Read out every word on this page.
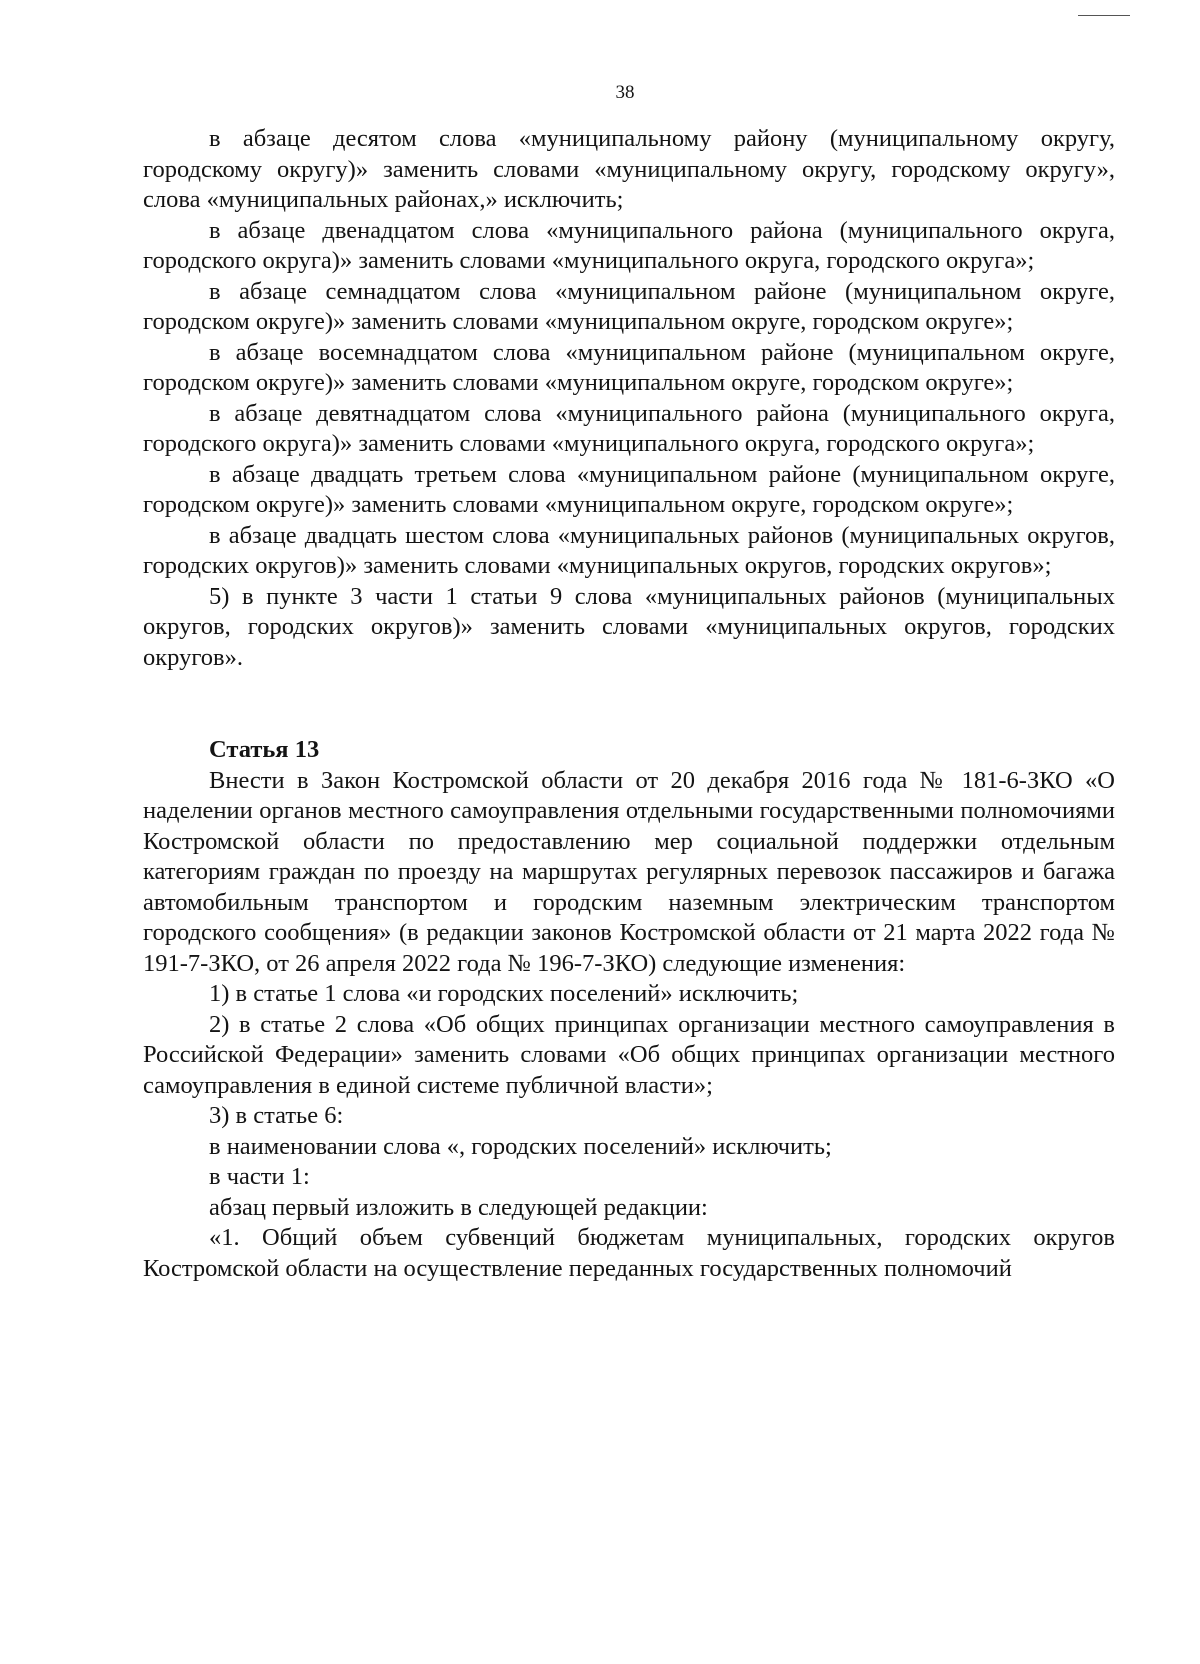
38

в абзаце десятом слова «муниципальному району (муниципальному округу, городскому округу)» заменить словами «муниципальному округу, городскому округу», слова «муниципальных районах,» исключить;

в абзаце двенадцатом слова «муниципального района (муниципального округа, городского округа)» заменить словами «муниципального округа, городского округа»;

в абзаце семнадцатом слова «муниципальном районе (муниципальном округе, городском округе)» заменить словами «муниципальном округе, городском округе»;

в абзаце восемнадцатом слова «муниципальном районе (муниципальном округе, городском округе)» заменить словами «муниципальном округе, городском округе»;

в абзаце девятнадцатом слова «муниципального района (муниципального округа, городского округа)» заменить словами «муниципального округа, городского округа»;

в абзаце двадцать третьем слова «муниципальном районе (муниципальном округе, городском округе)» заменить словами «муниципальном округе, городском округе»;

в абзаце двадцать шестом слова «муниципальных районов (муниципальных округов, городских округов)» заменить словами «муниципальных округов, городских округов»;

5) в пункте 3 части 1 статьи 9 слова «муниципальных районов (муниципальных округов, городских округов)» заменить словами «муниципальных округов, городских округов».

Статья 13

Внести в Закон Костромской области от 20 декабря 2016 года № 181-6-ЗКО «О наделении органов местного самоуправления отдельными государственными полномочиями Костромской области по предоставлению мер социальной поддержки отдельным категориям граждан по проезду на маршрутах регулярных перевозок пассажиров и багажа автомобильным транспортом и городским наземным электрическим транспортом городского сообщения» (в редакции законов Костромской области от 21 марта 2022 года № 191-7-ЗКО, от 26 апреля 2022 года № 196-7-ЗКО) следующие изменения:

1) в статье 1 слова «и городских поселений» исключить;

2) в статье 2 слова «Об общих принципах организации местного самоуправления в Российской Федерации» заменить словами «Об общих принципах организации местного самоуправления в единой системе публичной власти»;

3) в статье 6:

в наименовании слова «, городских поселений» исключить;

в части 1:

абзац первый изложить в следующей редакции:

«1. Общий объем субвенций бюджетам муниципальных, городских округов Костромской области на осуществление переданных государственных полномочий
